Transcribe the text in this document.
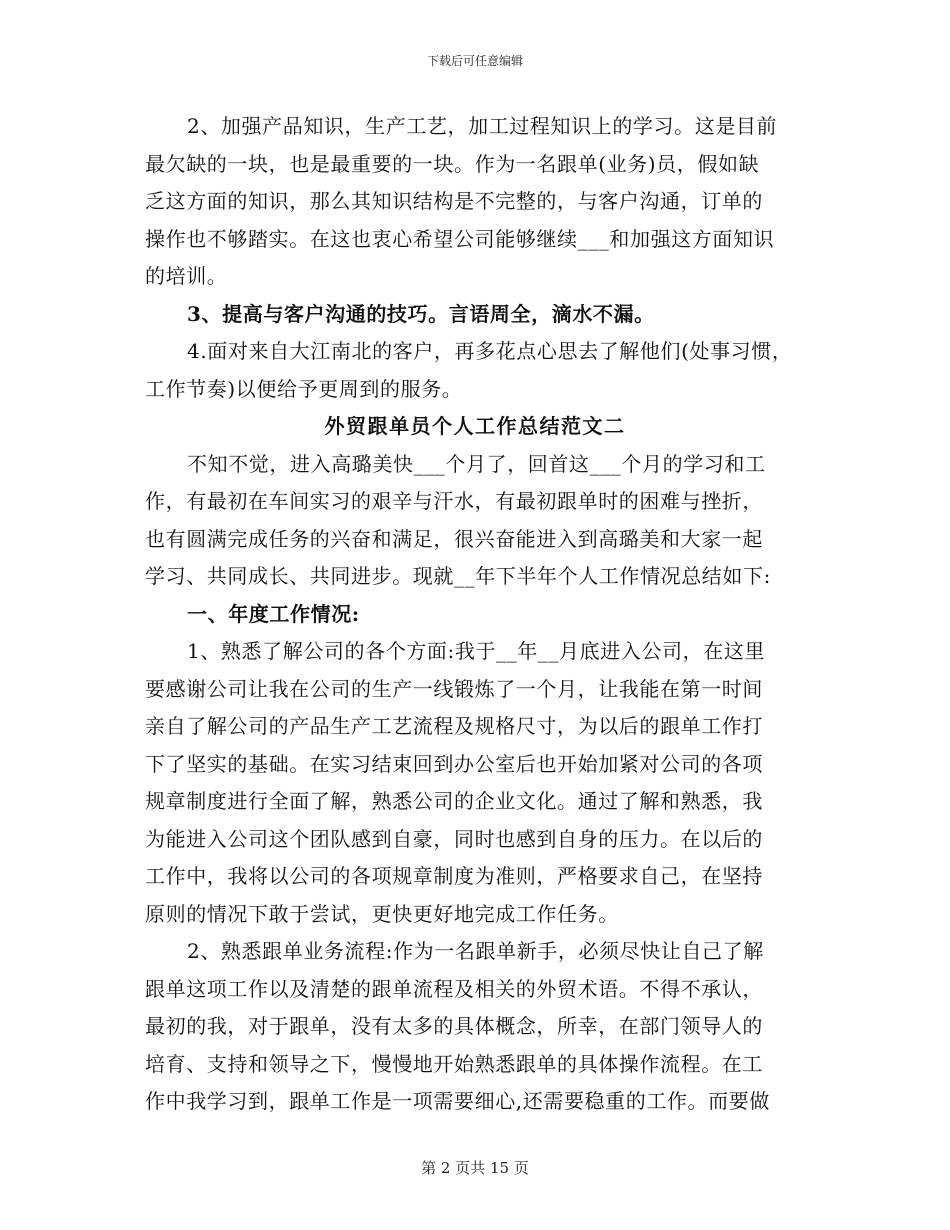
下载后可任意编辑
2、加强产品知识，生产工艺，加工过程知识上的学习。这是目前
最欠缺的一块，也是最重要的一块。作为一名跟单(业务)员，假如缺
乏这方面的知识，那么其知识结构是不完整的，与客户沟通，订单的
操作也不够踏实。在这也衷心希望公司能够继续___和加强这方面知识
的培训。
3、提高与客户沟通的技巧。言语周全，滴水不漏。
4.面对来自大江南北的客户，再多花点心思去了解他们(处事习惯，
工作节奏)以便给予更周到的服务。
外贸跟单员个人工作总结范文二
不知不觉，进入高璐美快___个月了，回首这___个月的学习和工
作，有最初在车间实习的艰辛与汗水，有最初跟单时的困难与挫折，
也有圆满完成任务的兴奋和满足，很兴奋能进入到高璐美和大家一起
学习、共同成长、共同进步。现就__年下半年个人工作情况总结如下:
一、年度工作情况:
1、熟悉了解公司的各个方面:我于__年__月底进入公司，在这里
要感谢公司让我在公司的生产一线锻炼了一个月，让我能在第一时间
亲自了解公司的产品生产工艺流程及规格尺寸，为以后的跟单工作打
下了坚实的基础。在实习结束回到办公室后也开始加紧对公司的各项
规章制度进行全面了解，熟悉公司的企业文化。通过了解和熟悉，我
为能进入公司这个团队感到自豪，同时也感到自身的压力。在以后的
工作中，我将以公司的各项规章制度为准则，严格要求自己，在坚持
原则的情况下敢于尝试，更快更好地完成工作任务。
2、熟悉跟单业务流程:作为一名跟单新手，必须尽快让自己了解
跟单这项工作以及清楚的跟单流程及相关的外贸术语。不得不承认，
最初的我，对于跟单，没有太多的具体概念，所幸，在部门领导人的
培育、支持和领导之下，慢慢地开始熟悉跟单的具体操作流程。在工
作中我学习到，跟单工作是一项需要细心,还需要稳重的工作。而要做
第 2 页共 15 页
